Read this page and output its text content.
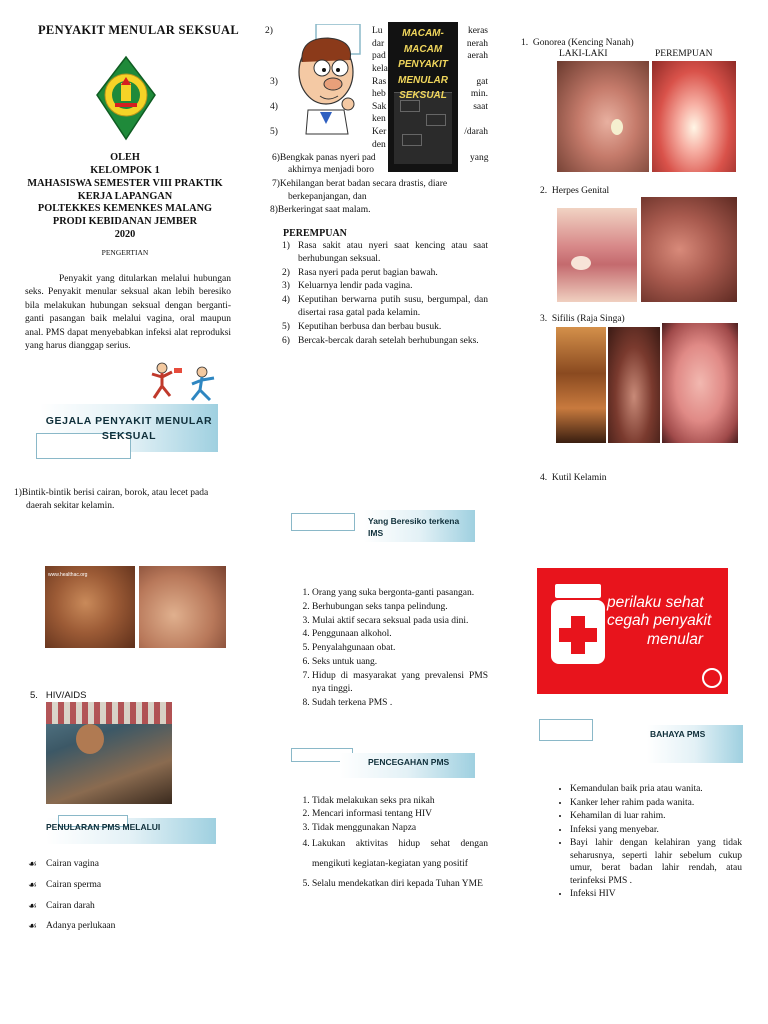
PENYAKIT MENULAR SEKSUAL
OLEH
KELOMPOK 1
MAHASISWA SEMESTER VIII PRAKTIK
KERJA LAPANGAN
POLTEKKES KEMENKES MALANG
PRODI KEBIDANAN JEMBER
2020
PENGERTIAN
Penyakit yang ditularkan melalui hubungan seks. Penyakit menular seksual akan lebih beresiko bila melakukan hubungan seksual dengan berganti-ganti pasangan baik melalui vagina, oral maupun anal. PMS dapat menyebabkan infeksi alat reproduksi yang harus dianggap serius.
GEJALA PENYAKIT MENULAR SEKSUAL
1)Bintik-bintik berisi cairan, borok, atau lecet pada daerah sekitar kelamin.
www.healthac.org
5.   HIV/AIDS
PENULARAN PMS MELALUI
☙ Cairan vagina
☙ Cairan sperma
☙ Cairan darah
☙ Adanya perlukaan
2)
3)
4)
5)
Lu
dar
pad
kela
Ras
heb
Sak
ken
Ker
den
keras
nerah
aerah

gat
min.
saat

/darah
MACAM-MACAM PENYAKIT MENULAR SEKSUAL
6)Bengkak panas nyeri pad	yang
akhirnya menjadi boro
7)Kehilangan berat badan secara drastis, diare berkepanjangan, dan
8)Berkeringat saat malam.
PEREMPUAN
1) Rasa sakit atau nyeri saat kencing atau saat berhubungan seksual.
2) Rasa nyeri pada perut bagian bawah.
3) Keluarnya lendir pada vagina.
4) Keputihan berwarna putih susu, bergumpal, dan disertai rasa gatal pada kelamin.
5) Keputihan berbusa dan berbau busuk.
6) Bercak-bercak darah setelah berhubungan seks.
Yang Beresiko terkena IMS
1. Orang yang suka bergonta-ganti pasangan.
2. Berhubungan seks tanpa pelindung.
3. Mulai aktif secara seksual pada usia dini.
4. Penggunaan alkohol.
5. Penyalahgunaan obat.
6. Seks untuk uang.
7. Hidup di masyarakat yang prevalensi PMS nya tinggi.
8. Sudah terkena PMS .
PENCEGAHAN PMS
1. Tidak melakukan seks pra nikah
2. Mencari informasi tentang HIV
3. Tidak menggunakan Napza
4. Lakukan aktivitas hidup sehat dengan mengikuti kegiatan-kegiatan yang positif
5. Selalu mendekatkan diri kepada Tuhan YME
1.  Gonorea (Kencing Nanah)
LAKI-LAKI	PEREMPUAN
2.  Herpes Genital
3.  Sifilis (Raja Singa)
4.  Kutil Kelamin
perilaku sehat
cegah penyakit
menular
BAHAYA PMS
• Kemandulan baik pria atau wanita.
• Kanker leher rahim pada wanita.
• Kehamilan di luar rahim.
• Infeksi yang menyebar.
• Bayi lahir dengan kelahiran yang tidak seharusnya, seperti lahir sebelum cukup umur, berat badan lahir rendah, atau terinfeksi PMS .
• Infeksi HIV
